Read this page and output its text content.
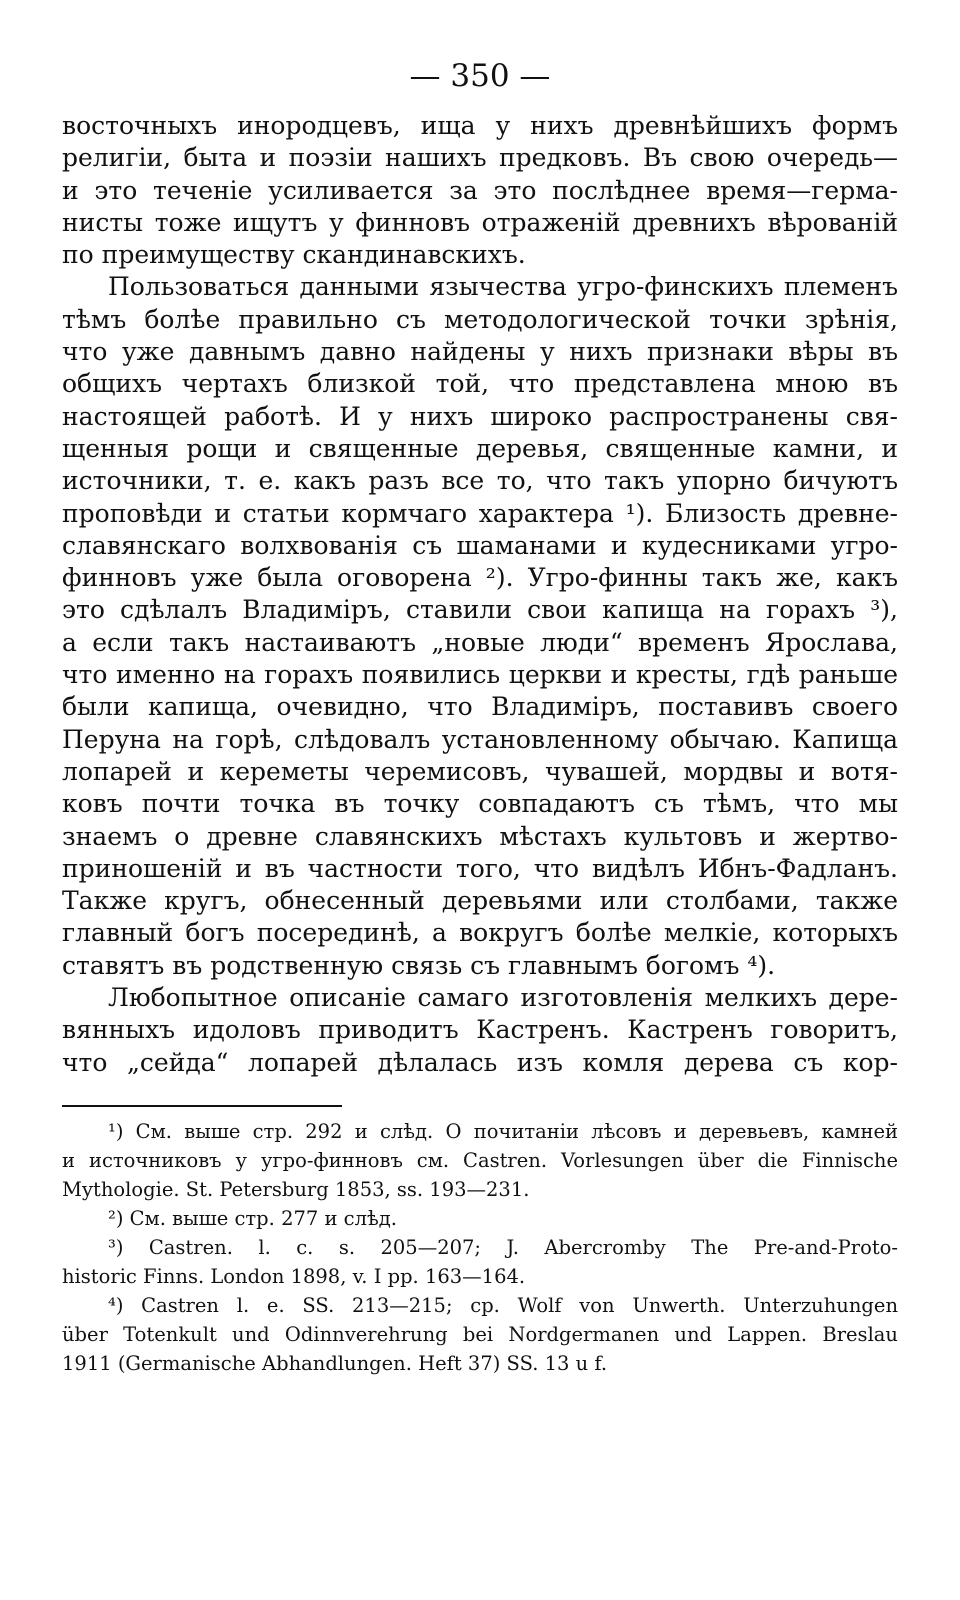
— 350 —

восточныхъ инородцевъ, ища у нихъ древнѣйшихъ формъ

религіи, быта и поэзіи нашихъ предковъ. Въ свою очередь—

и это теченіе усиливается за это послѣднее время—герма-

нисты тоже ищутъ у финновъ отраженій древнихъ вѣрованій

по преимуществу скандинавскихъ.

Пользоваться данными язычества угро-финскихъ племенъ

тѣмъ болѣе правильно съ методологической точки зрѣнія,

что уже давнымъ давно найдены у нихъ признаки вѣры въ

общихъ чертахъ близкой той, что представлена мною въ

настоящей работѣ. И у нихъ широко распространены свя-

щенныя рощи и священные деревья, священные камни, и

источники, т. е. какъ разъ все то, что такъ упорно бичуютъ

проповѣди и статьи кормчаго характера ¹). Близость древне-

славянскаго волхвованія съ шаманами и кудесниками угро-

финновъ уже была оговорена ²). Угро-финны такъ же, какъ

это сдѣлалъ Владиміръ, ставили свои капища на горахъ ³),

а если такъ настаиваютъ „новые люди“ временъ Ярослава,

что именно на горахъ появились церкви и кресты, гдѣ раньше

были капища, очевидно, что Владиміръ, поставивъ своего

Перуна на горѣ, слѣдовалъ установленному обычаю. Капища

лопарей и кереметы черемисовъ, чувашей, мордвы и вотя-

ковъ почти точка въ точку совпадаютъ съ тѣмъ, что мы

знаемъ о древне славянскихъ мѣстахъ культовъ и жертво-

приношеній и въ частности того, что видѣлъ Ибнъ-Фадланъ.

Также кругъ, обнесенный деревьями или столбами, также

главный богъ посерединѣ, а вокругъ болѣе мелкіе, которыхъ

ставятъ въ родственную связь съ главнымъ богомъ ⁴).

Любопытное описаніе самаго изготовленія мелкихъ дере-

вянныхъ идоловъ приводитъ Кастренъ. Кастренъ говоритъ,

что „сейда“ лопарей дѣлалась изъ комля дерева съ кор-

¹) См. выше стр. 292 и слѣд. О почитаніи лѣсовъ и деревьевъ, камней

и источниковъ у угро-финновъ см. Castren. Vorlesungen über die Finnische

Mythologie. St. Petersburg 1853, ss. 193—231.

²) См. выше стр. 277 и слѣд.

³) Castren. l. c. s. 205—207; J. Abercromby The Pre-and-Proto-

historic Finns. London 1898, v. I pp. 163—164.

⁴) Castren l. e. SS. 213—215; cp. Wolf von Unwerth. Unterzuhungen

über Totenkult und Odinnverehrung bei Nordgermanen und Lappen. Breslau

1911 (Germanische Abhandlungen. Heft 37) SS. 13 u f.
